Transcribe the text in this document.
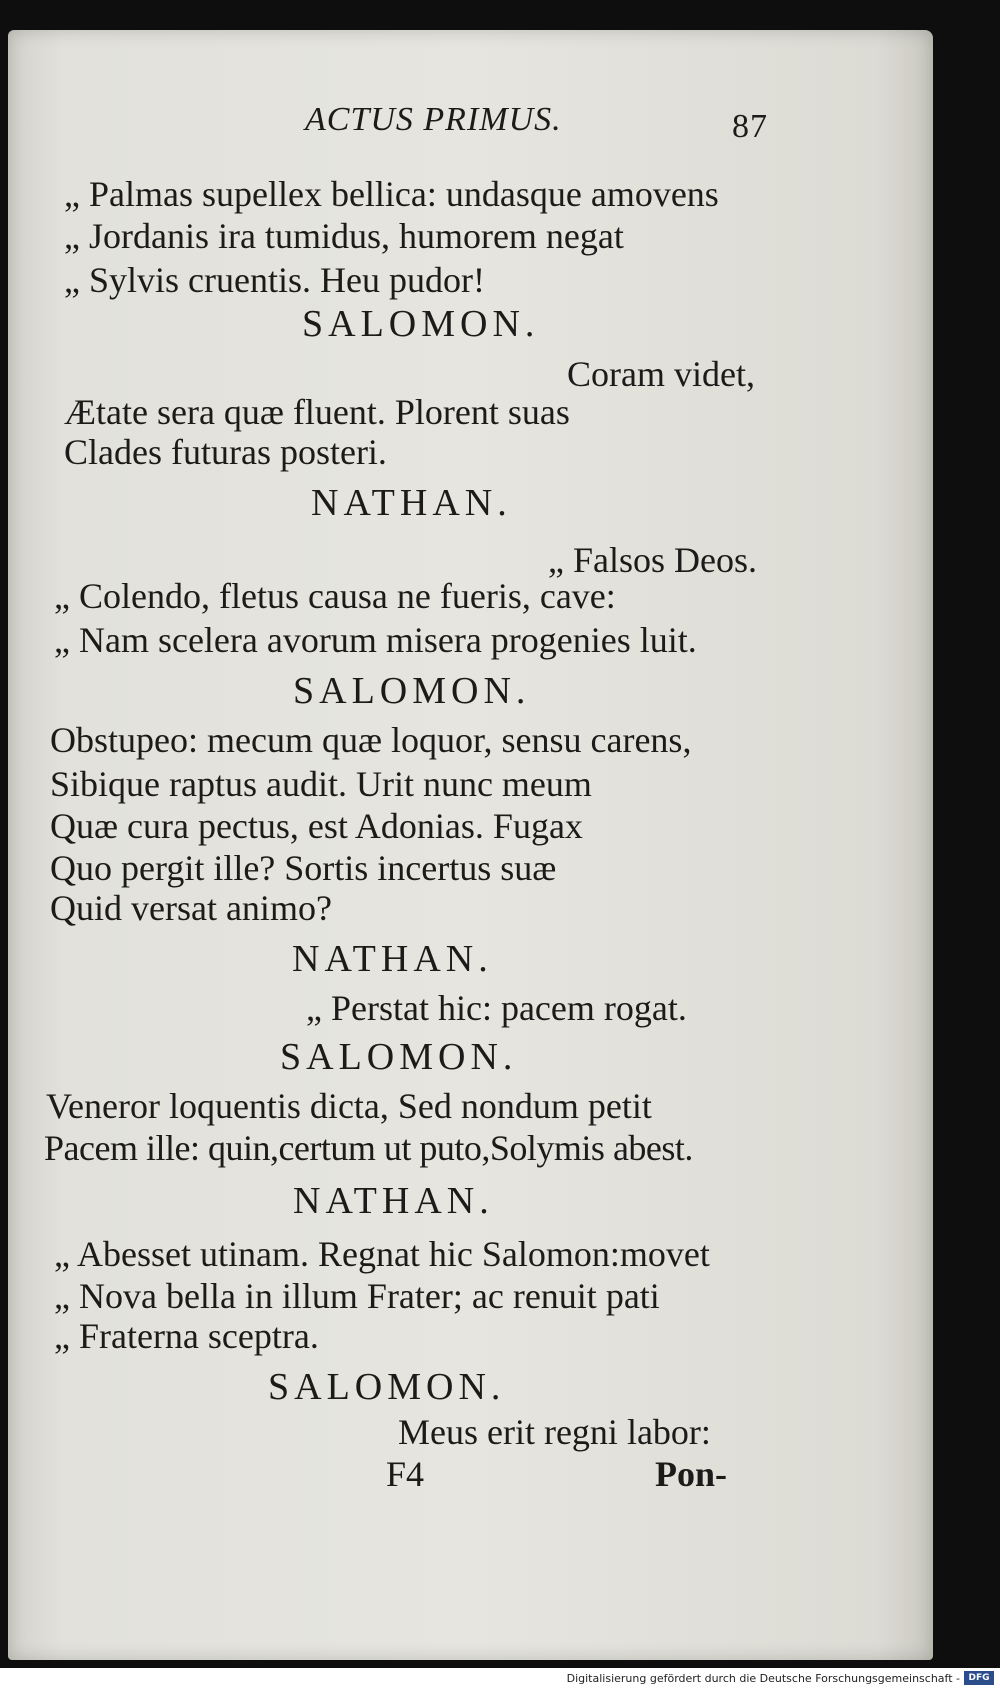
ACTUS PRIMUS.	87
„ Palmas supellex bellica: undasque amovens
„ Jordanis ira tumidus, humorem negat
„ Sylvis cruentis. Heu pudor!
SALOMON.
Coram videt,
Ætate sera quæ fluent. Plorent suas
Clades futuras posteri.
NATHAN.
„ Falsos Deos.
„ Colendo, fletus causa ne fueris, cave:
„ Nam scelera avorum misera progenies luit.
SALOMON.
Obstupeo: mecum quæ loquor, sensu carens,
Sibique raptus audit. Urit nunc meum
Quæ cura pectus, est Adonias. Fugax
Quo pergit ille? Sortis incertus suæ
Quid versat animo?
NATHAN.
„ Perstat hic: pacem rogat.
SALOMON.
Veneror loquentis dicta, Sed nondum petit
Pacem ille: quin,certum ut puto,Solymis abest.
NATHAN.
„ Abesset utinam. Regnat hic Salomon:movet
„ Nova bella in illum Frater; ac renuit pati
„ Fraterna sceptra.
SALOMON.
Meus erit regni labor:
F4	Pon-
Digitalisierung gefördert durch die Deutsche Forschungsgemeinschaft - DFG
